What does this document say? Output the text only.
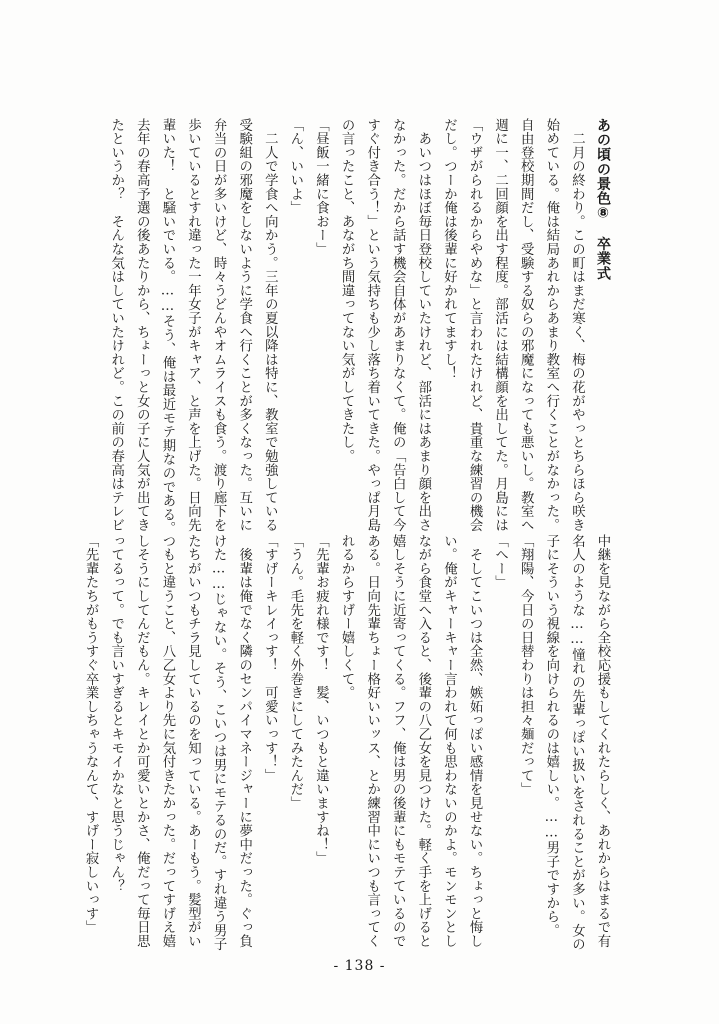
あの頃の景色⑧　卒業式
　二月の終わり。この町はまだ寒く、梅の花がやっとちらほら咲き
始めている。俺は結局あれからあまり教室へ行くことがなかった。
自由登校期間だし、受験する奴らの邪魔になっても悪いし。教室へ
週に一、二回顔を出す程度。部活には結構顔を出してた。月島には
「ウザがられるからやめな」と言われたけれど、貴重な練習の機会
だし。つーか俺は後輩に好かれてますし！
　あいつはほぼ毎日登校していたけれど、部活にはあまり顔を出さ
なかった。だから話す機会自体があまりなくて。俺の「告白して今
すぐ付き合う！」という気持ちも少し落ち着いてきた。やっぱ月島
の言ったこと、あながち間違ってない気がしてきたし。
「昼飯一緒に食おー」
「ん、いいよ」
　二人で学食へ向かう。三年の夏以降は特に、教室で勉強している
受験組の邪魔をしないように学食へ行くことが多くなった。互いに
弁当の日が多いけど、時々うどんやオムライスも食う。渡り廊下を
歩いているとすれ違った一年女子がキャア、と声を上げた。日向先
輩いた！　と騒いでいる。……そう、俺は最近モテ期なのである。
去年の春高予選の後あたりから、ちょーっと女の子に人気が出てき
たというか？　そんな気はしていたけれど。この前の春高はテレビ
中継を見ながら全校応援もしてくれたらしく、あれからはまるで有
名人のような……憧れの先輩っぽい扱いをされることが多い。女の
子にそういう視線を向けられるのは嬉しい。……男子ですから。
「翔陽、今日の日替わりは担々麺だって」
「へー」
　そしてこいつは全然、嫉妬っぽい感情を見せない。ちょっと悔し
い。俺がキャーキャー言われて何も思わないのかよ。モンモンとし
ながら食堂へ入ると、後輩の八乙女を見つけた。軽く手を上げると
嬉しそうに近寄ってくる。フフ、俺は男の後輩にもモテているので
ある。日向先輩ちょー格好いいッス、とか練習中にいつも言ってく
れるからすげー嬉しくて。
「先輩お疲れ様です！　髪、いつもと違いますね！」
「うん。毛先を軽く外巻きにしてみたんだ」
「すげーキレイっす！　可愛いっす！」
　後輩は俺でなく隣のセンパイマネージャーに夢中だった。ぐっ負
けた……じゃない。そう、こいつは男にモテるのだ。すれ違う男子
たちがいつもチラ見しているのを知っている。あーもう。髪型がい
つもと違うこと、八乙女より先に気付きたかった。だってすげえ嬉
しそうにしてんだもん。キレイとか可愛いとかさ、俺だって毎日思
ってるって。でも言いすぎるとキモイかなと思うじゃん？
「先輩たちがもうすぐ卒業しちゃうなんて、すげー寂しいっす」
- 138 -
